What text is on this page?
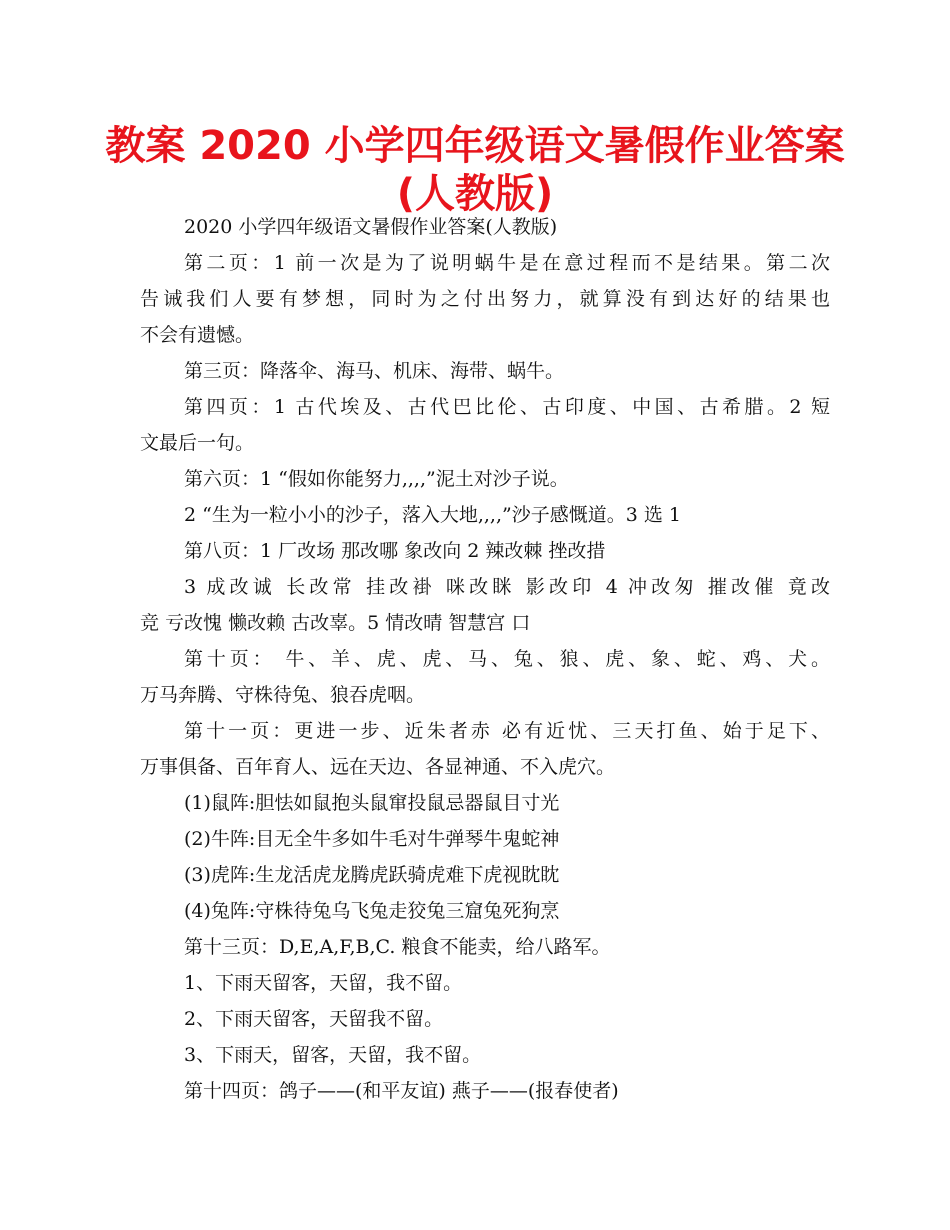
教案 2020 小学四年级语文暑假作业答案
(人教版)
2020 小学四年级语文暑假作业答案(人教版)
第二页：1 前一次是为了说明蜗牛是在意过程而不是结果。第二次
告诫我们人要有梦想，同时为之付出努力，就算没有到达好的结果也
不会有遗憾。
第三页：降落伞、海马、机床、海带、蜗牛。
第四页：1 古代埃及、古代巴比伦、古印度、中国、古希腊。2 短
文最后一句。
第六页：1 “假如你能努力,,,,”泥土对沙子说。
2 “生为一粒小小的沙子，落入大地,,,,”沙子感慨道。3 选 1
第八页：1 厂改场 那改哪 象改向 2 辣改棘 挫改措
3 成改诚 长改常 挂改褂 咪改眯 影改印 4 冲改匆 摧改催 竟改
竞 亏改愧 懒改赖 古改辜。5 情改晴 智慧宫 口
第十页： 牛、羊、虎、虎、马、兔、狼、虎、象、蛇、鸡、犬。
万马奔腾、守株待兔、狼吞虎咽。
第十一页：更进一步、近朱者赤 必有近忧、三天打鱼、始于足下、
万事俱备、百年育人、远在天边、各显神通、不入虎穴。
(1)鼠阵:胆怯如鼠抱头鼠窜投鼠忌器鼠目寸光
(2)牛阵:目无全牛多如牛毛对牛弹琴牛鬼蛇神
(3)虎阵:生龙活虎龙腾虎跃骑虎难下虎视眈眈
(4)兔阵:守株待兔乌飞兔走狡兔三窟兔死狗烹
第十三页：D,E,A,F,B,C. 粮食不能卖，给八路军。
1、下雨天留客，天留，我不留。
2、下雨天留客，天留我不留。
3、下雨天，留客，天留，我不留。
第十四页：鸽子——(和平友谊) 燕子——(报春使者)
